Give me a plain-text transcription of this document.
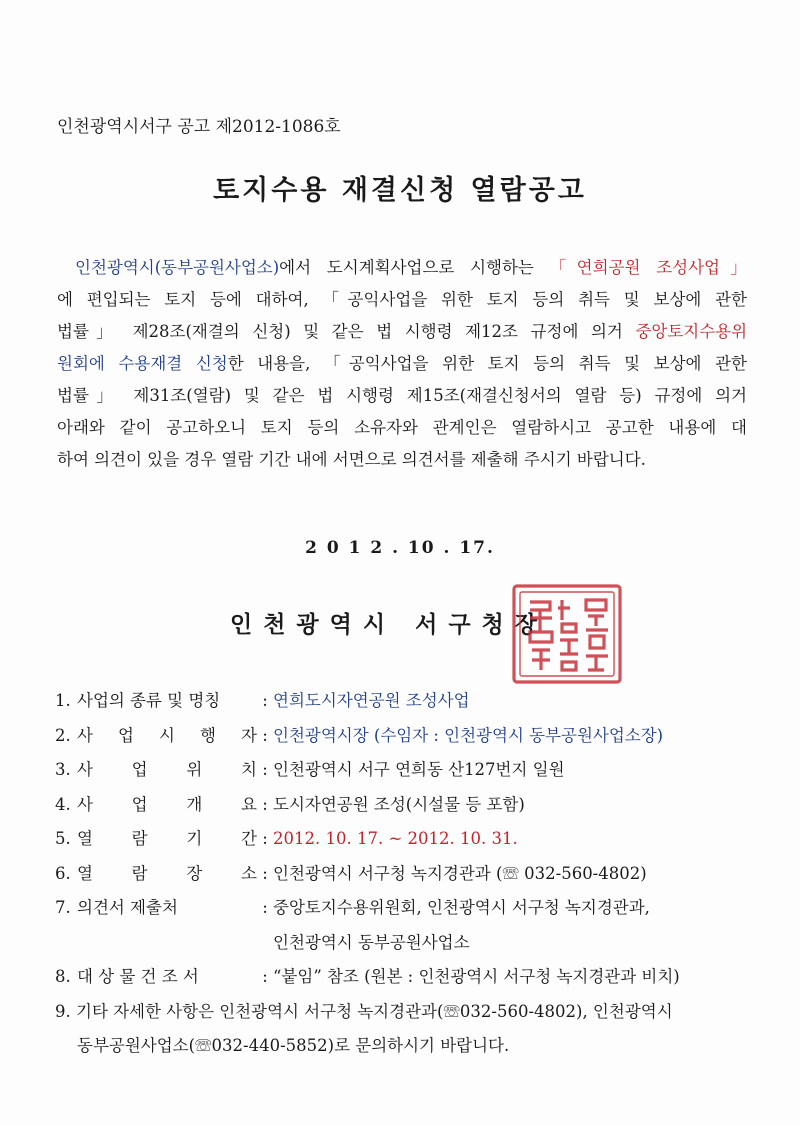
인천광역시서구 공고 제2012-1086호
토지수용 재결신청 열람공고

인천광역시(동부공원사업소)에서 도시계획사업으로 시행하는 「연희공원 조성사업」

에 편입되는 토지 등에 대하여, 「공익사업을 위한 토지 등의 취득 및 보상에 관한

법률」 제28조(재결의 신청) 및 같은 법 시행령 제12조 규정에 의거 중앙토지수용위

원회에 수용재결 신청한 내용을, 「공익사업을 위한 토지 등의 취득 및 보상에 관한

법률」 제31조(열람) 및 같은 법 시행령 제15조(재결신청서의 열람 등) 규정에 의거

아래와 같이 공고하오니 토지 등의 소유자와 관계인은 열람하시고 공고한 내용에 대

하여 의견이 있을 경우 열람 기간 내에 서면으로 의견서를 제출해 주시기 바랍니다.

2 0 1 2 . 10 . 17.
인천광역시 서구청장
1. 사업의 종류 및 명칭	: 연희도시자연공원 조성사업
2. 사 업 시 행 자 : 인천광역시장 (수임자 : 인천광역시 동부공원사업소장)
3. 사 업 위 치 : 인천광역시 서구 연희동 산127번지 일원
4. 사 업 개 요 : 도시자연공원 조성(시설물 등 포함)
5. 열 람 기 간 : 2012. 10. 17. ~ 2012. 10. 31.
6. 열 람 장 소 : 인천광역시 서구청 녹지경관과 (☏ 032-560-4802)
7. 의견서 제출처	: 중앙토지수용위원회, 인천광역시 서구청 녹지경관과,
인천광역시 동부공원사업소
8. 대 상 물 건 조 서	: “붙임” 참조 (원본 : 인천광역시 서구청 녹지경관과 비치)
9. 기타 자세한 사항은 인천광역시 서구청 녹지경관과(☏032-560-4802), 인천광역시
동부공원사업소(☏032-440-5852)로 문의하시기 바랍니다.
